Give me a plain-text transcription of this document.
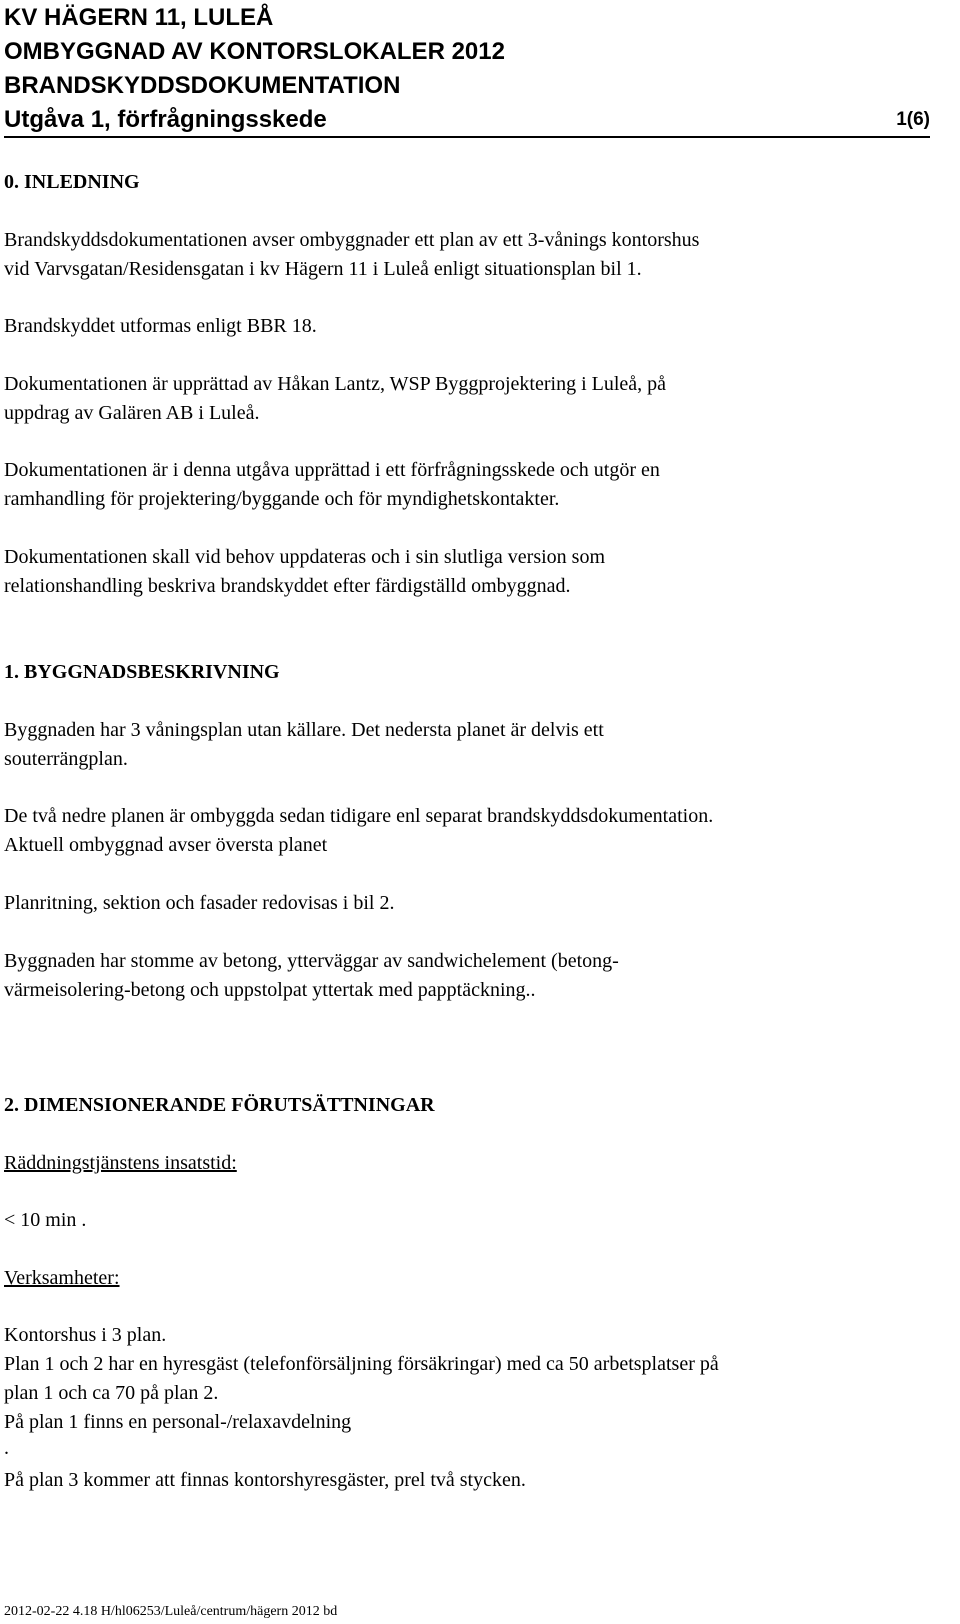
KV HÄGERN 11, LULEÅ
OMBYGGNAD AV KONTORSLOKALER 2012
BRANDSKYDDSDOKUMENTATION
Utgåva 1, förfrågningsskede	1(6)
0. INLEDNING
Brandskyddsdokumentationen avser ombyggnader ett plan av ett 3-vånings kontorshus
vid Varvsgatan/Residensgatan i kv Hägern 11 i Luleå enligt situationsplan bil 1.
Brandskyddet utformas enligt BBR 18.
Dokumentationen är upprättad av Håkan Lantz, WSP Byggprojektering i Luleå, på
uppdrag av Galären AB i Luleå.
Dokumentationen är i denna utgåva upprättad i ett förfrågningsskede och utgör en
ramhandling för projektering/byggande och för myndighetskontakter.
Dokumentationen skall vid behov uppdateras och i sin slutliga version som
relationshandling beskriva brandskyddet efter färdigställd ombyggnad.
1. BYGGNADSBESKRIVNING
Byggnaden har 3 våningsplan utan källare. Det nedersta planet är delvis ett
souterrängplan.
De två nedre planen är ombyggda sedan tidigare enl separat brandskyddsdokumentation.
Aktuell ombyggnad avser översta planet
Planritning, sektion och fasader redovisas i bil 2.
Byggnaden har stomme av betong, ytterväggar av sandwichelement (betong-
värmeisolering-betong och uppstolpat yttertak med papptäckning..
2. DIMENSIONERANDE FÖRUTSÄTTNINGAR
Räddningstjänstens insatstid:
< 10 min .
Verksamheter:
Kontorshus i 3 plan.
Plan 1 och 2 har en hyresgäst (telefonförsäljning försäkringar) med ca 50 arbetsplatser på
plan 1 och ca 70 på plan 2.
På plan 1 finns en personal-/relaxavdelning
.
På plan 3 kommer att finnas kontorshyresgäster, prel två stycken.
2012-02-22 4.18 H/hl06253/Luleå/centrum/hägern 2012 bd
